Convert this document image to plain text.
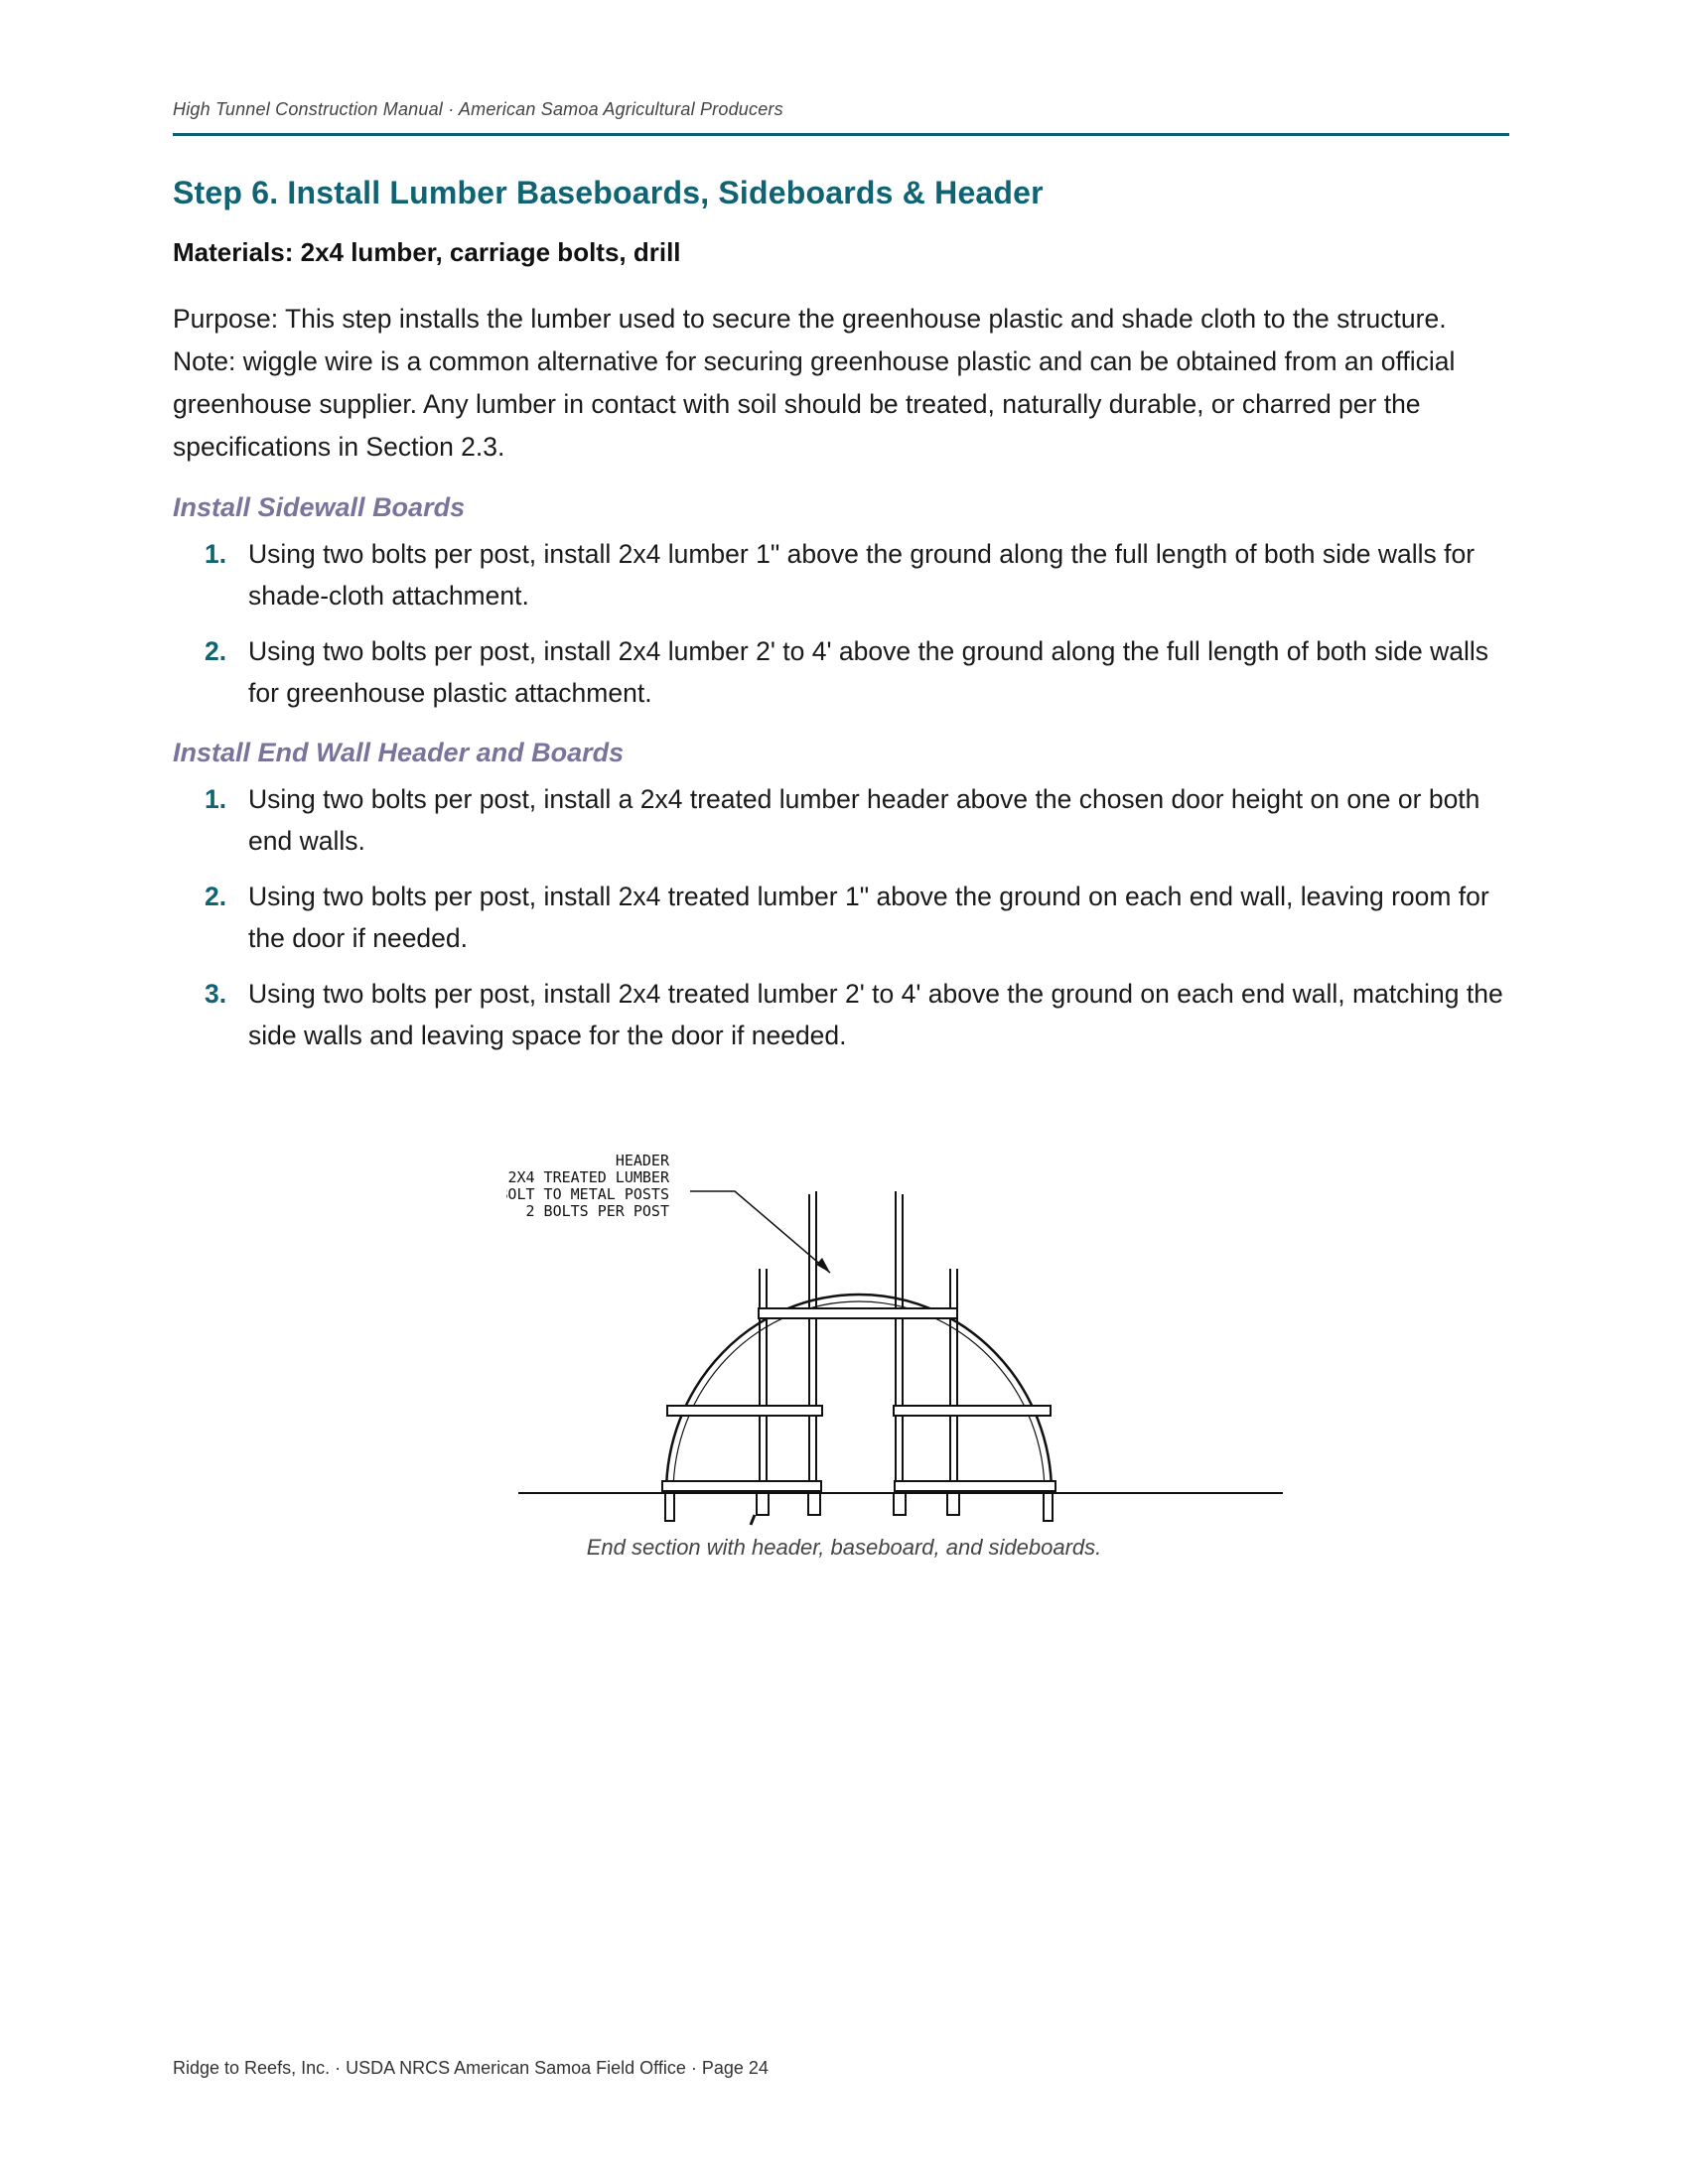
High Tunnel Construction Manual · American Samoa Agricultural Producers
Step 6. Install Lumber Baseboards, Sideboards & Header
Materials: 2x4 lumber, carriage bolts, drill

Purpose: This step installs the lumber used to secure the greenhouse plastic and shade cloth to the structure. Note: wiggle wire is a common alternative for securing greenhouse plastic and can be obtained from an official greenhouse supplier. Any lumber in contact with soil should be treated, naturally durable, or charred per the specifications in Section 2.3.

Install Sidewall Boards
1. Using two bolts per post, install 2x4 lumber 1" above the ground along the full length of both side walls for shade-cloth attachment.
2. Using two bolts per post, install 2x4 lumber 2' to 4' above the ground along the full length of both side walls for greenhouse plastic attachment.
Install End Wall Header and Boards
1. Using two bolts per post, install a 2x4 treated lumber header above the chosen door height on one or both end walls.
2. Using two bolts per post, install 2x4 treated lumber 1" above the ground on each end wall, leaving room for the door if needed.
3. Using two bolts per post, install 2x4 treated lumber 2' to 4' above the ground on each end wall, matching the side walls and leaving space for the door if needed.
HEADER
2X4 TREATED LUMBER
BOLT TO METAL POSTS
2 BOLTS PER POST
End section with header, baseboard, and sideboards.
Ridge to Reefs, Inc. · USDA NRCS American Samoa Field Office · Page 24
